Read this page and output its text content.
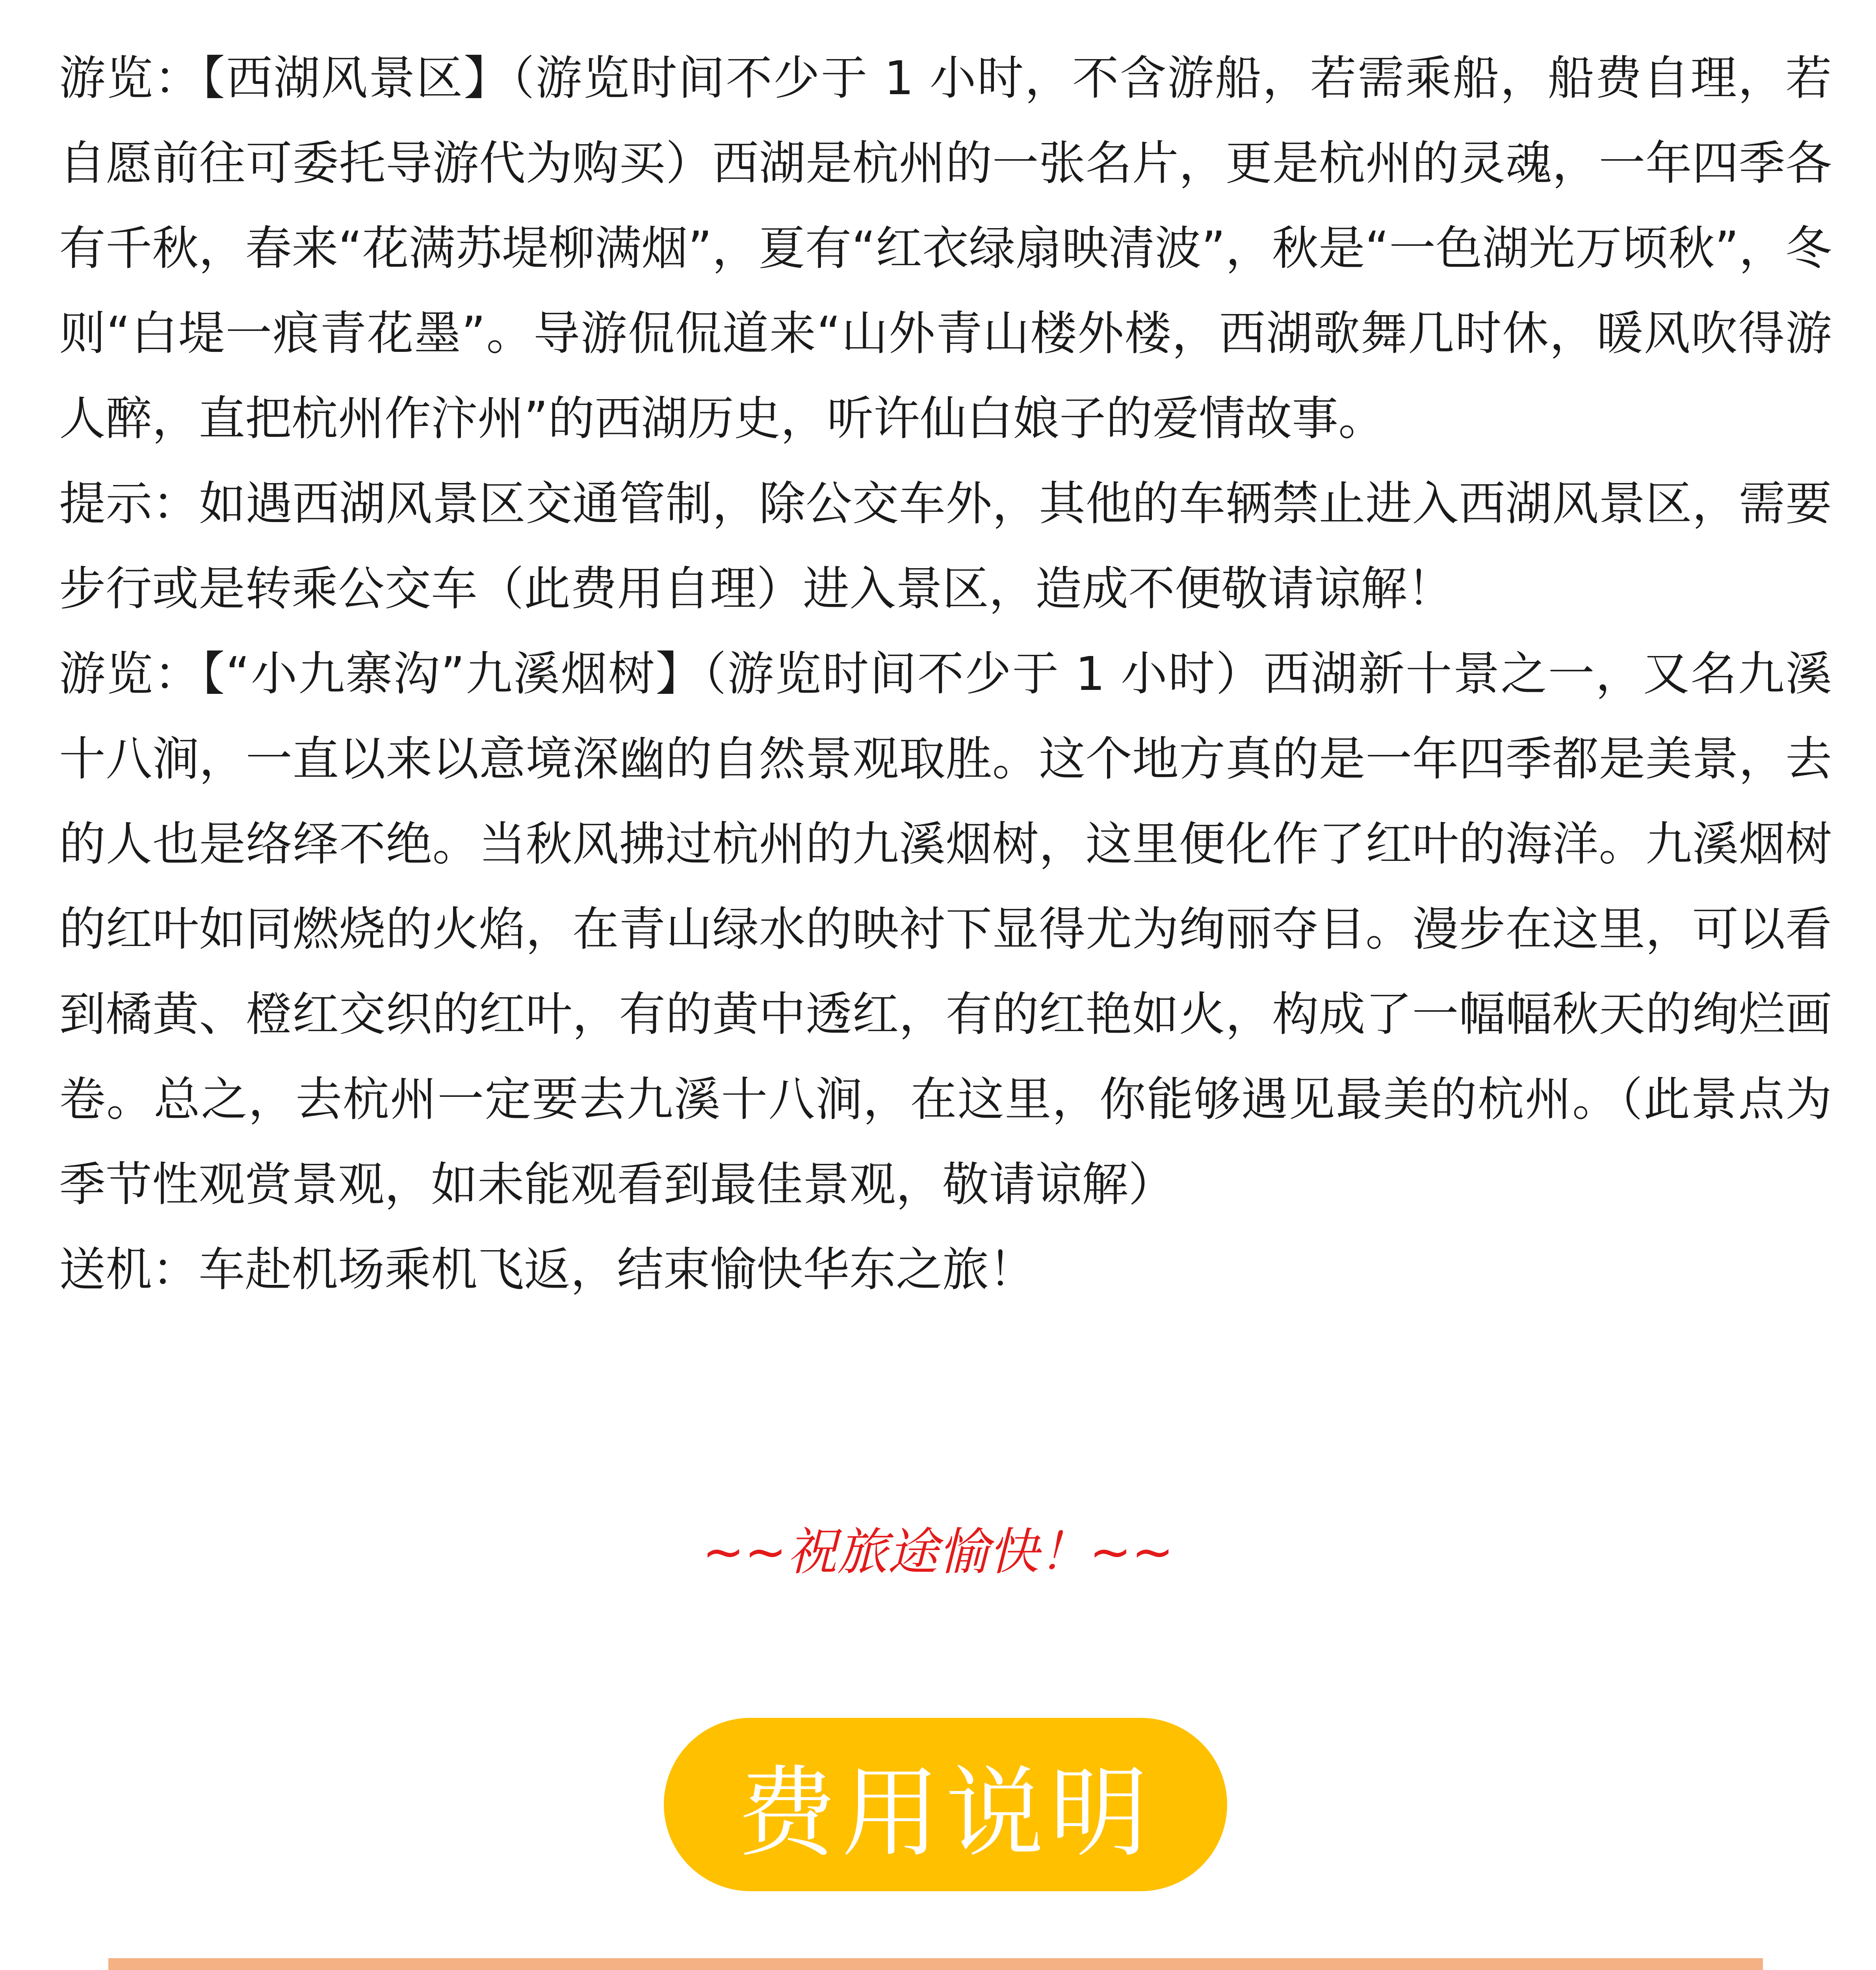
游览：【西湖风景区】（游览时间不少于 1 小时，不含游船，若需乘船，船费自理，若自愿前往可委托导游代为购买）西湖是杭州的一张名片，更是杭州的灵魂，一年四季各有千秋，春来“花满苏堤柳满烟”，夏有“红衣绿扇映清波”，秋是“一色湖光万顷秋”，冬则“白堤一痕青花墨”。导游侃侃道来“山外青山楼外楼，西湖歌舞几时休，暖风吹得游人醉，直把杭州作汴州”的西湖历史，听许仙白娘子的爱情故事。

提示：如遇西湖风景区交通管制，除公交车外，其他的车辆禁止进入西湖风景区，需要步行或是转乘公交车（此费用自理）进入景区，造成不便敬请谅解！

游览：【“小九寨沟”九溪烟树】（游览时间不少于 1 小时）西湖新十景之一，又名九溪十八涧，一直以来以意境深幽的自然景观取胜。这个地方真的是一年四季都是美景，去的人也是络绎不绝。当秋风拂过杭州的九溪烟树，这里便化作了红叶的海洋。九溪烟树的红叶如同燃烧的火焰，在青山绿水的映衬下显得尤为绚丽夺目。漫步在这里，可以看到橘黄、橙红交织的红叶，有的黄中透红，有的红艳如火，构成了一幅幅秋天的绚烂画卷。总之，去杭州一定要去九溪十八涧，在这里，你能够遇见最美的杭州。（此景点为季节性观赏景观，如未能观看到最佳景观，敬请谅解）

送机：车赴机场乘机飞返，结束愉快华东之旅！

~~祝旅途愉快！~~
费用说明
